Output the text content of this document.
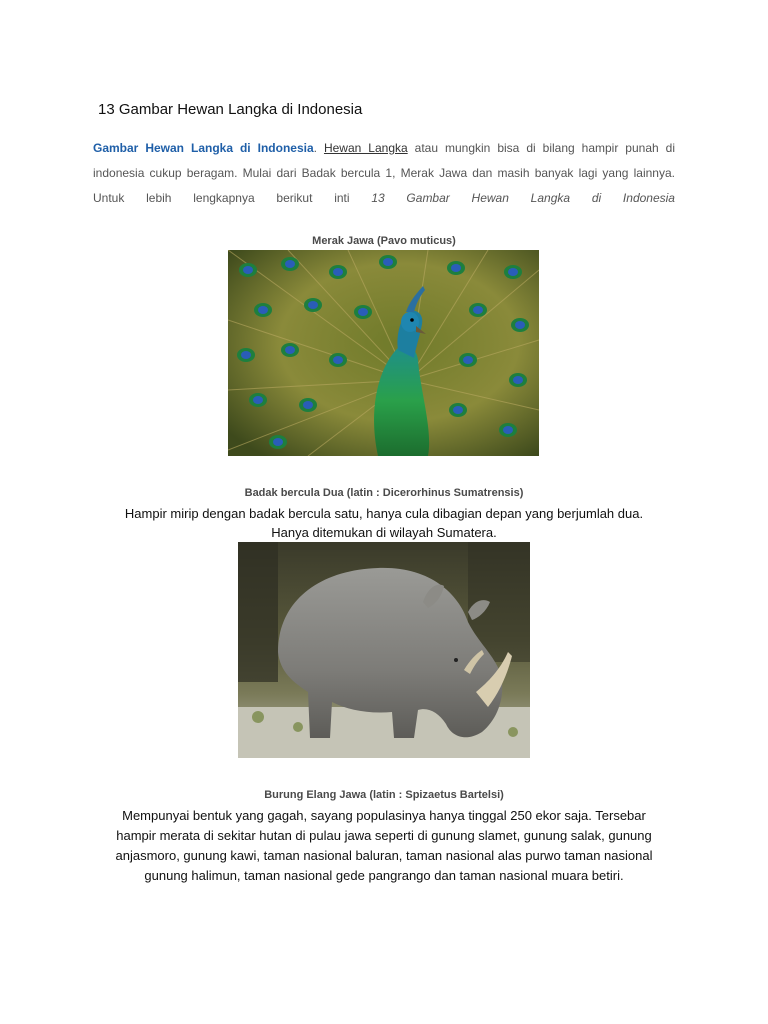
13 Gambar Hewan Langka di Indonesia
Gambar Hewan Langka di Indonesia. Hewan Langka atau mungkin bisa di bilang hampir punah di indonesia cukup beragam. Mulai dari Badak bercula 1, Merak Jawa dan masih banyak lagi yang lainnya. Untuk lebih lengkapnya berikut inti 13 Gambar Hewan Langka di Indonesia
Merak Jawa (Pavo muticus)
Badak bercula Dua (latin : Dicerorhinus Sumatrensis)
Hampir mirip dengan badak bercula satu, hanya cula dibagian depan yang berjumlah dua.
Hanya ditemukan di wilayah Sumatera.
Burung Elang Jawa (latin : Spizaetus Bartelsi)
Mempunyai bentuk yang gagah, sayang populasinya hanya tinggal 250 ekor saja. Tersebar
hampir merata di sekitar hutan di pulau jawa seperti di gunung slamet, gunung salak, gunung
anjasmoro, gunung kawi, taman nasional baluran, taman nasional alas purwo taman nasional
gunung halimun, taman nasional gede pangrango dan taman nasional muara betiri.
